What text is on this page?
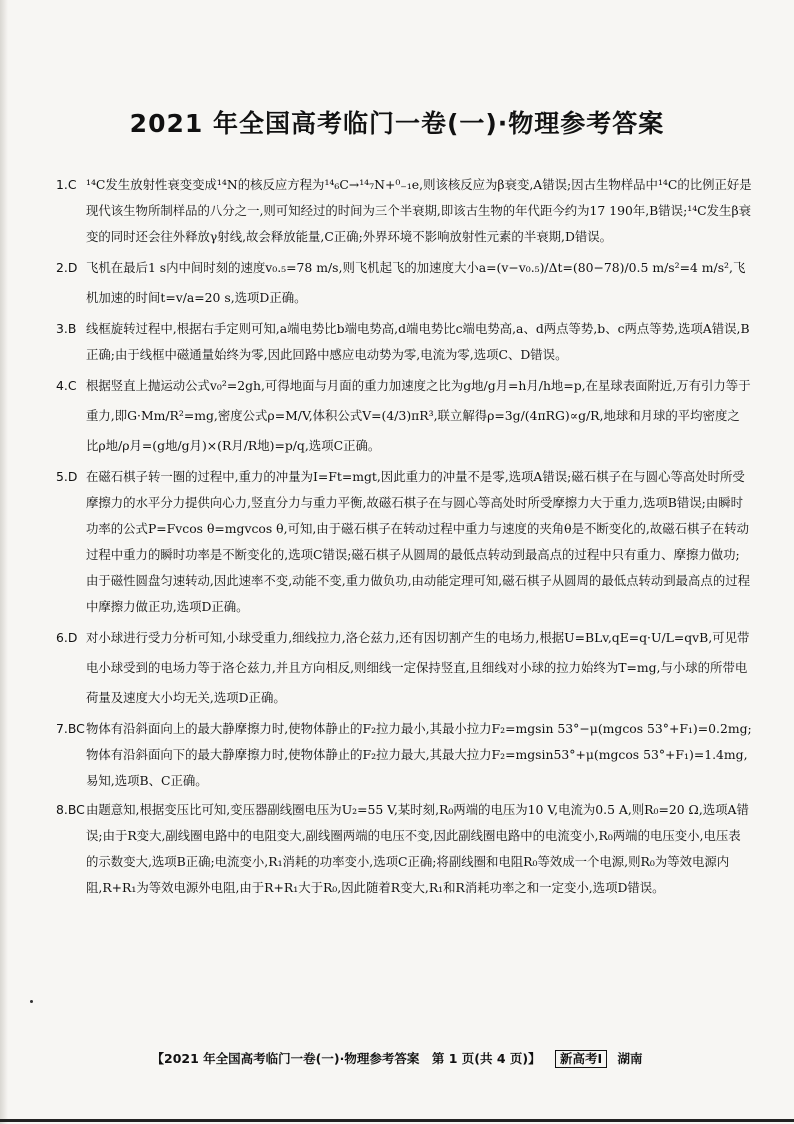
2021 年全国高考临门一卷(一)·物理参考答案
1.C ¹⁴C发生放射性衰变变成¹⁴N的核反应方程为¹⁴₆C→¹⁴₇N+⁰₋₁e,则该核反应为β衰变,A错误;因古生物样品中¹⁴C的比例正好是现代该生物所制样品的八分之一,则可知经过的时间为三个半衰期,即该古生物的年代距今约为17 190年,B错误;¹⁴C发生β衰变的同时还会往外释放γ射线,故会释放能量,C正确;外界环境不影响放射性元素的半衰期,D错误。
2.D 飞机在最后1 s内中间时刻的速度v₀.₅=78 m/s,则飞机起飞的加速度大小a=(v−v₀.₅)/Δt=(80−78)/0.5 m/s²=4 m/s²,飞机加速的时间t=v/a=20 s,选项D正确。
3.B 线框旋转过程中,根据右手定则可知,a端电势比b端电势高,d端电势比c端电势高,a、d两点等势,b、c两点等势,选项A错误,B正确;由于线框中磁通量始终为零,因此回路中感应电动势为零,电流为零,选项C、D错误。
4.C 根据竖直上抛运动公式v₀²=2gh,可得地面与月面的重力加速度之比为g地/g月=h月/h地=p,在星球表面附近,万有引力等于重力,即G·Mm/R²=mg,密度公式ρ=M/V,体积公式V=(4/3)πR³,联立解得ρ=3g/(4πRG)∝g/R,地球和月球的平均密度之比ρ地/ρ月=(g地/g月)×(R月/R地)=p/q,选项C正确。
5.D 在磁石棋子转一圈的过程中,重力的冲量为I=Ft=mgt,因此重力的冲量不是零,选项A错误;磁石棋子在与圆心等高处时所受摩擦力的水平分力提供向心力,竖直分力与重力平衡,故磁石棋子在与圆心等高处时所受摩擦力大于重力,选项B错误;由瞬时功率的公式P=Fvcos θ=mgvcos θ,可知,由于磁石棋子在转动过程中重力与速度的夹角θ是不断变化的,故磁石棋子在转动过程中重力的瞬时功率是不断变化的,选项C错误;磁石棋子从圆周的最低点转动到最高点的过程中只有重力、摩擦力做功;由于磁性圆盘匀速转动,因此速率不变,动能不变,重力做负功,由动能定理可知,磁石棋子从圆周的最低点转动到最高点的过程中摩擦力做正功,选项D正确。
6.D 对小球进行受力分析可知,小球受重力,细线拉力,洛仑兹力,还有因切割产生的电场力,根据U=BLv,qE=q·U/L=qvB,可见带电小球受到的电场力等于洛仑兹力,并且方向相反,则细线一定保持竖直,且细线对小球的拉力始终为T=mg,与小球的所带电荷量及速度大小均无关,选项D正确。
7.BC 物体有沿斜面向上的最大静摩擦力时,使物体静止的F₂拉力最小,其最小拉力F₂=mgsin 53°−μ(mgcos 53°+F₁)=0.2mg;物体有沿斜面向下的最大静摩擦力时,使物体静止的F₂拉力最大,其最大拉力F₂=mgsin53°+μ(mgcos 53°+F₁)=1.4mg,易知,选项B、C正确。
8.BC 由题意知,根据变压比可知,变压器副线圈电压为U₂=55 V,某时刻,R₀两端的电压为10 V,电流为0.5 A,则R₀=20 Ω,选项A错误;由于R变大,副线圈电路中的电阻变大,副线圈两端的电压不变,因此副线圈电路中的电流变小,R₀两端的电压变小,电压表的示数变大,选项B正确;电流变小,R₁消耗的功率变小,选项C正确;将副线圈和电阻R₀等效成一个电源,则R₀为等效电源内阻,R+R₁为等效电源外电阻,由于R+R₁大于R₀,因此随着R变大,R₁和R消耗功率之和一定变小,选项D错误。
【2021 年全国高考临门一卷(一)·物理参考答案　第 1 页(共 4 页)】 新高考Ⅰ 湖南
